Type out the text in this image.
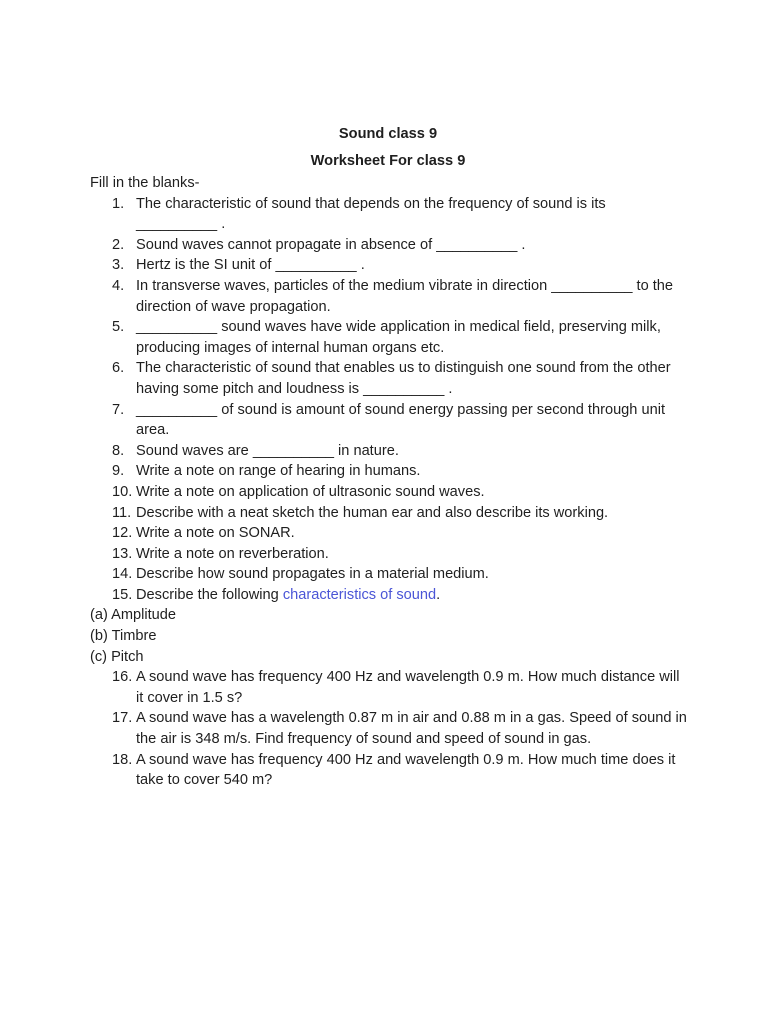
Sound class 9
Worksheet For class 9
Fill in the blanks-
1. The characteristic of sound that depends on the frequency of sound is its __________ .
2. Sound waves cannot propagate in absence of __________ .
3. Hertz is the SI unit of __________ .
4. In transverse waves, particles of the medium vibrate in direction __________ to the direction of wave propagation.
5. __________ sound waves have wide application in medical field, preserving milk, producing images of internal human organs etc.
6. The characteristic of sound that enables us to distinguish one sound from the other having some pitch and loudness is __________ .
7. __________ of sound is amount of sound energy passing per second through unit area.
8. Sound waves are __________ in nature.
9. Write a note on range of hearing in humans.
10. Write a note on application of ultrasonic sound waves.
11. Describe with a neat sketch the human ear and also describe its working.
12. Write a note on SONAR.
13. Write a note on reverberation.
14. Describe how sound propagates in a material medium.
15. Describe the following characteristics of sound.
(a) Amplitude
(b) Timbre
(c) Pitch
16. A sound wave has frequency 400 Hz and wavelength 0.9 m. How much distance will it cover in 1.5 s?
17. A sound wave has a wavelength 0.87 m in air and 0.88 m in a gas. Speed of sound in the air is 348 m/s. Find frequency of sound and speed of sound in gas.
18. A sound wave has frequency 400 Hz and wavelength 0.9 m. How much time does it take to cover 540 m?
